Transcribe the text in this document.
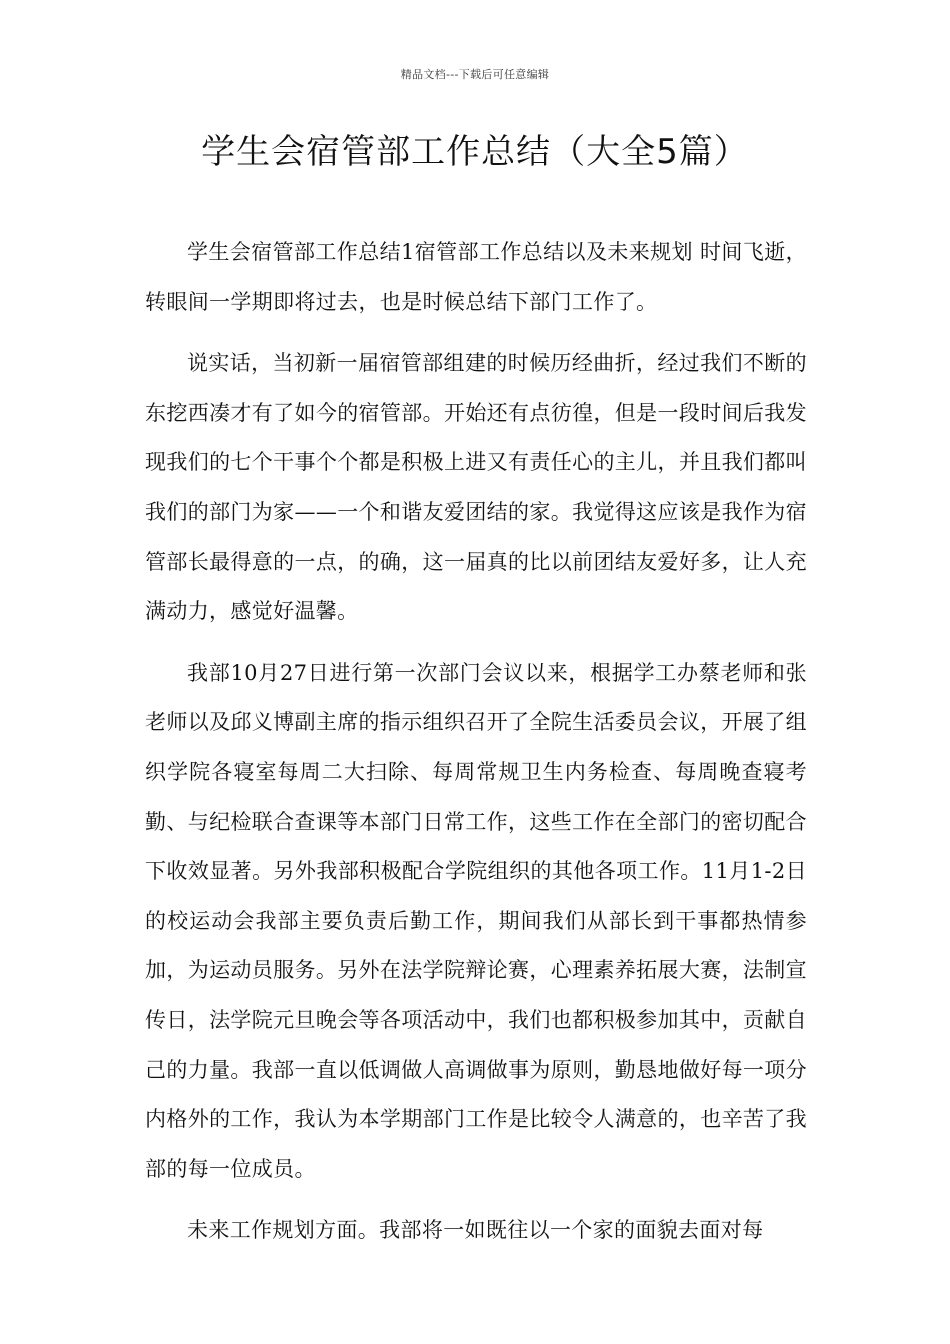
精品文档---下载后可任意编辑
学生会宿管部工作总结（大全5篇）

学生会宿管部工作总结1宿管部工作总结以及未来规划 时间飞逝，转眼间一学期即将过去，也是时候总结下部门工作了。

说实话，当初新一届宿管部组建的时候历经曲折，经过我们不断的东挖西凑才有了如今的宿管部。开始还有点彷徨，但是一段时间后我发现我们的七个干事个个都是积极上进又有责任心的主儿，并且我们都叫我们的部门为家——一个和谐友爱团结的家。我觉得这应该是我作为宿管部长最得意的一点，的确，这一届真的比以前团结友爱好多，让人充满动力，感觉好温馨。

我部10月27日进行第一次部门会议以来，根据学工办蔡老师和张老师以及邱义博副主席的指示组织召开了全院生活委员会议，开展了组织学院各寝室每周二大扫除、每周常规卫生内务检查、每周晚查寝考勤、与纪检联合查课等本部门日常工作，这些工作在全部门的密切配合下收效显著。另外我部积极配合学院组织的其他各项工作。11月1-2日的校运动会我部主要负责后勤工作，期间我们从部长到干事都热情参加，为运动员服务。另外在法学院辩论赛，心理素养拓展大赛，法制宣传日，法学院元旦晚会等各项活动中，我们也都积极参加其中，贡献自己的力量。我部一直以低调做人高调做事为原则，勤恳地做好每一项分内格外的工作，我认为本学期部门工作是比较令人满意的，也辛苦了我部的每一位成员。

未来工作规划方面。我部将一如既往以一个家的面貌去面对每
